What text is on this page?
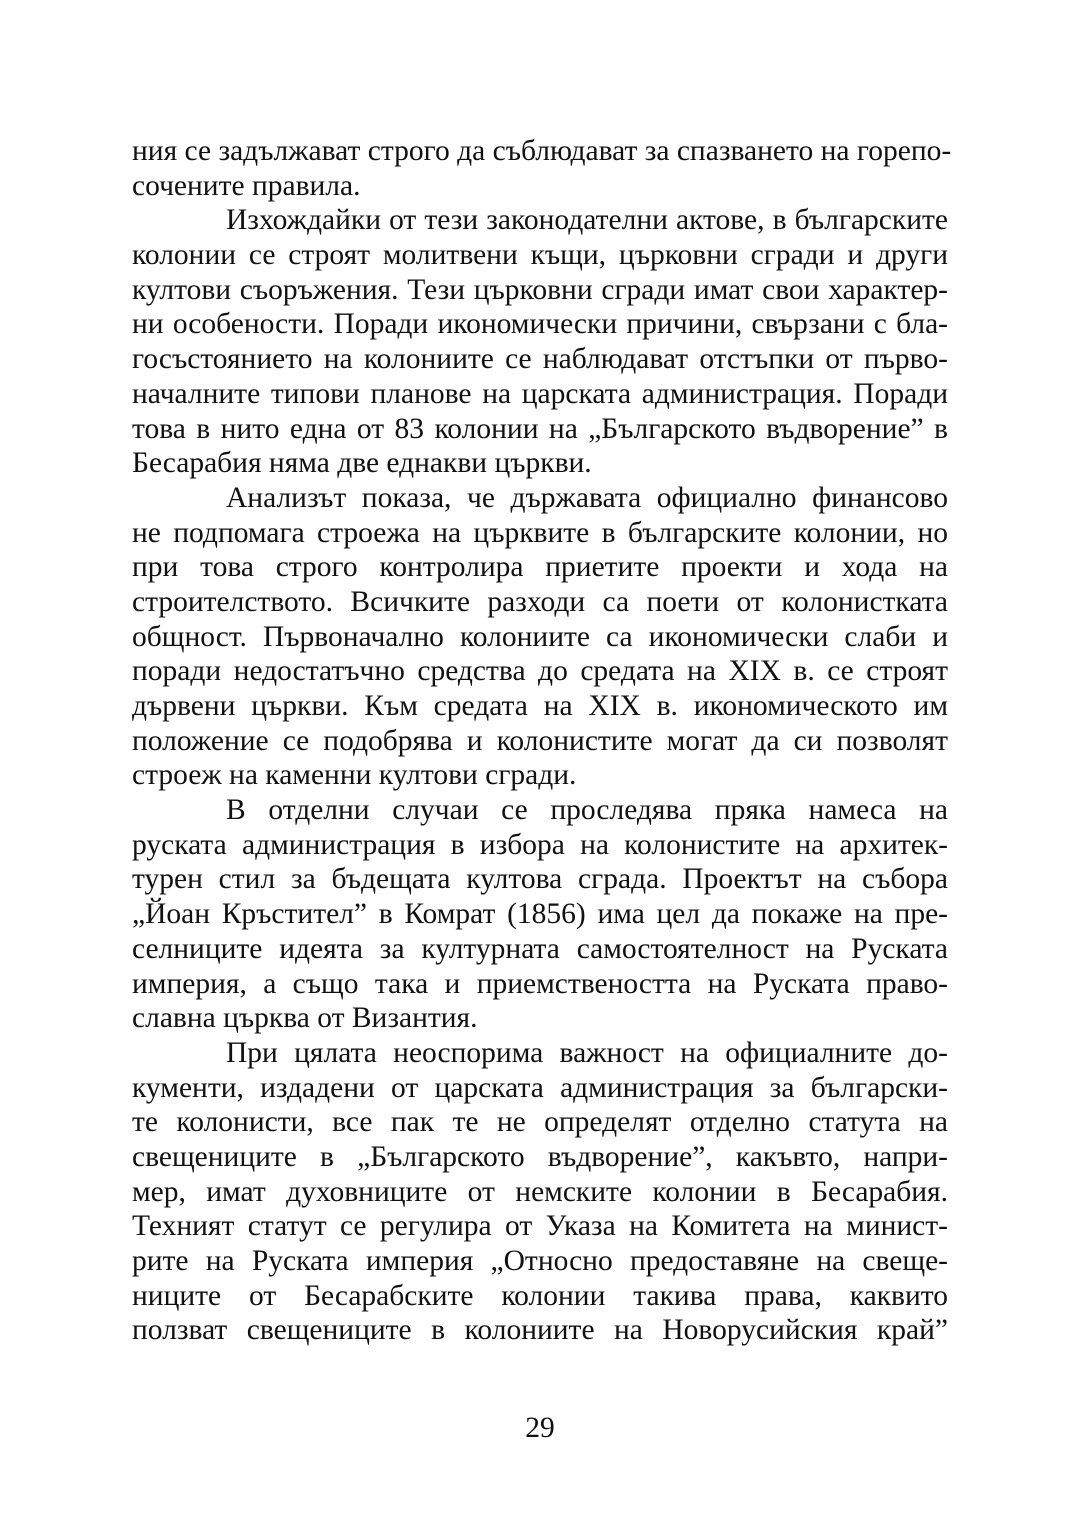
ния се задължават строго да съблюдават за спазването на горепо-
сочените правила.
Изхождайки от тези законодателни актове, в българските
колонии се строят молитвени къщи, църковни сгради и други
култови съоръжения. Тези църковни сгради имат свои характер-
ни особености. Поради икономически причини, свързани с бла-
госъстоянието на колониите се наблюдават отстъпки от първо-
началните типови планове на царската администрация. Поради
това в нито една от 83 колонии на „Българското въдворение” в
Бесарабия няма две еднакви църкви.
Анализът показа, че държавата официално финансово
не подпомага строежа на църквите в българските колонии, но
при това строго контролира приетите проекти и хода на
строителството. Всичките разходи са поети от колонистката
общност. Първоначално колониите са икономически слаби и
поради недостатъчно средства до средата на XIX в. се строят
дървени църкви. Към средата на XIX в. икономическото им
положение се подобрява и колонистите могат да си позволят
строеж на каменни култови сгради.
В отделни случаи се проследява пряка намеса на
руската администрация в избора на колонистите на архитек-
турен стил за бъдещата култова сграда. Проектът на събора
„Йоан Кръстител” в Комрат (1856) има цел да покаже на пре-
селниците идеята за културната самостоятелност на Руската
империя, а също така и приемствеността на Руската право-
славна църква от Византия.
При цялата неоспорима важност на официалните до-
кументи, издадени от царската администрация за български-
те колонисти, все пак те не определят отделно статута на
свещениците в „Българското въдворение”, какъвто, напри-
мер, имат духовниците от немските колонии в Бесарабия.
Техният статут се регулира от Указа на Комитета на минист-
рите на Руската империя „Относно предоставяне на свеще-
ниците от Бесарабските колонии такива права, каквито
ползват свещениците в колониите на Новорусийския край”
29
